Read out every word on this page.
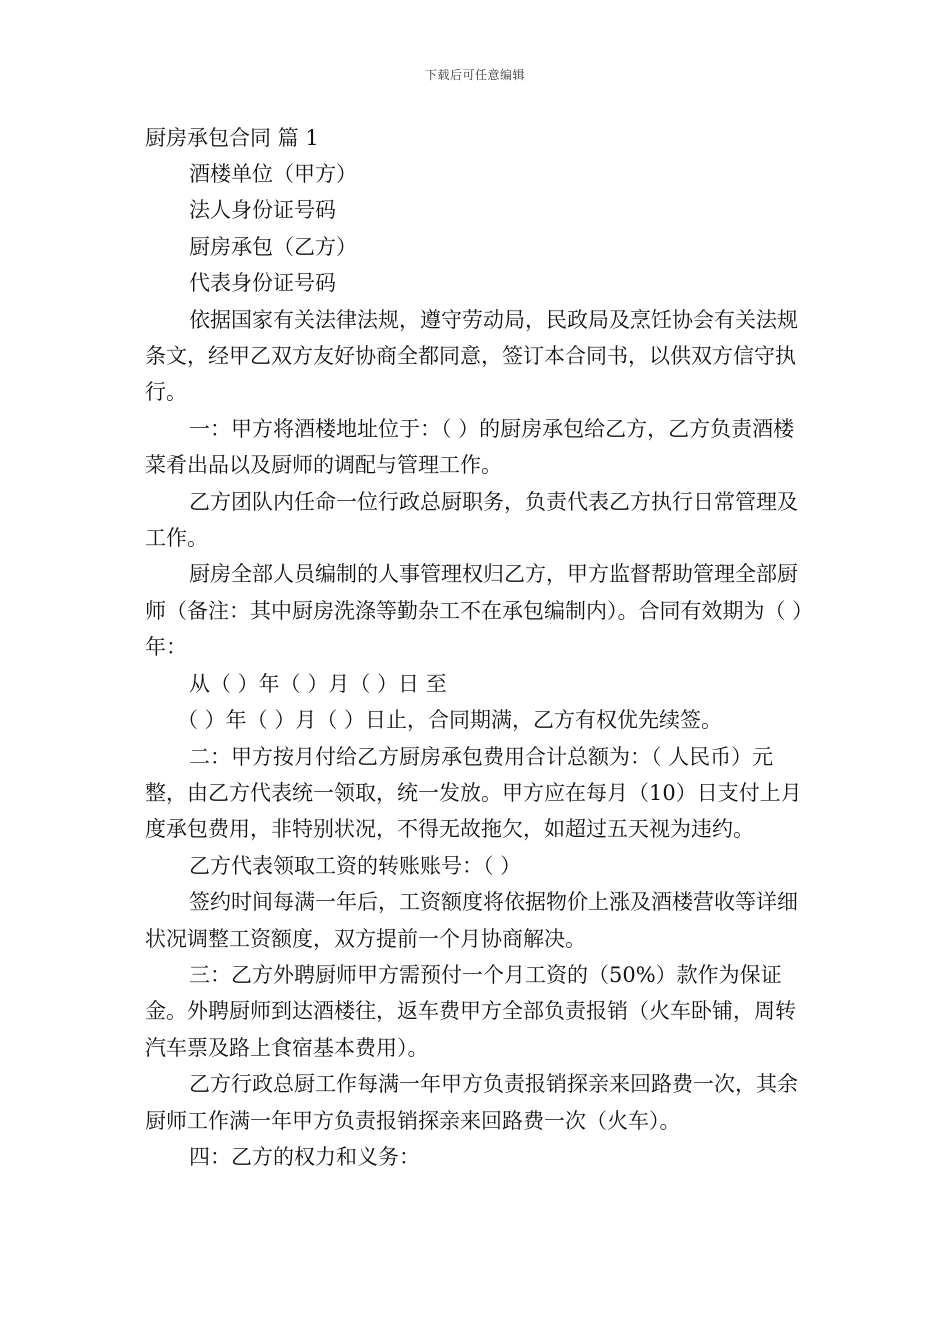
下载后可任意编辑

厨房承包合同 篇 1

酒楼单位（甲方）

法人身份证号码

厨房承包（乙方）

代表身份证号码

依据国家有关法律法规，遵守劳动局，民政局及烹饪协会有关法规条文，经甲乙双方友好协商全都同意，签订本合同书，以供双方信守执行。

一：甲方将酒楼地址位于：（ ）的厨房承包给乙方，乙方负责酒楼菜肴出品以及厨师的调配与管理工作。

乙方团队内任命一位行政总厨职务，负责代表乙方执行日常管理及工作。

厨房全部人员编制的人事管理权归乙方，甲方监督帮助管理全部厨师（备注：其中厨房洗涤等勤杂工不在承包编制内）。合同有效期为（ ） 年：

从（ ）年（ ）月（ ）日 至

（ ）年（ ）月（ ）日止，合同期满，乙方有权优先续签。

二：甲方按月付给乙方厨房承包费用合计总额为：（ 人民币）元整，由乙方代表统一领取，统一发放。甲方应在每月（10）日支付上月度承包费用，非特别状况，不得无故拖欠，如超过五天视为违约。

乙方代表领取工资的转账账号：（ ）

签约时间每满一年后，工资额度将依据物价上涨及酒楼营收等详细状况调整工资额度，双方提前一个月协商解决。

三：乙方外聘厨师甲方需预付一个月工资的（50%）款作为保证金。外聘厨师到达酒楼往，返车费甲方全部负责报销（火车卧铺，周转汽车票及路上食宿基本费用）。

乙方行政总厨工作每满一年甲方负责报销探亲来回路费一次，其余厨师工作满一年甲方负责报销探亲来回路费一次（火车）。

四：乙方的权力和义务：
